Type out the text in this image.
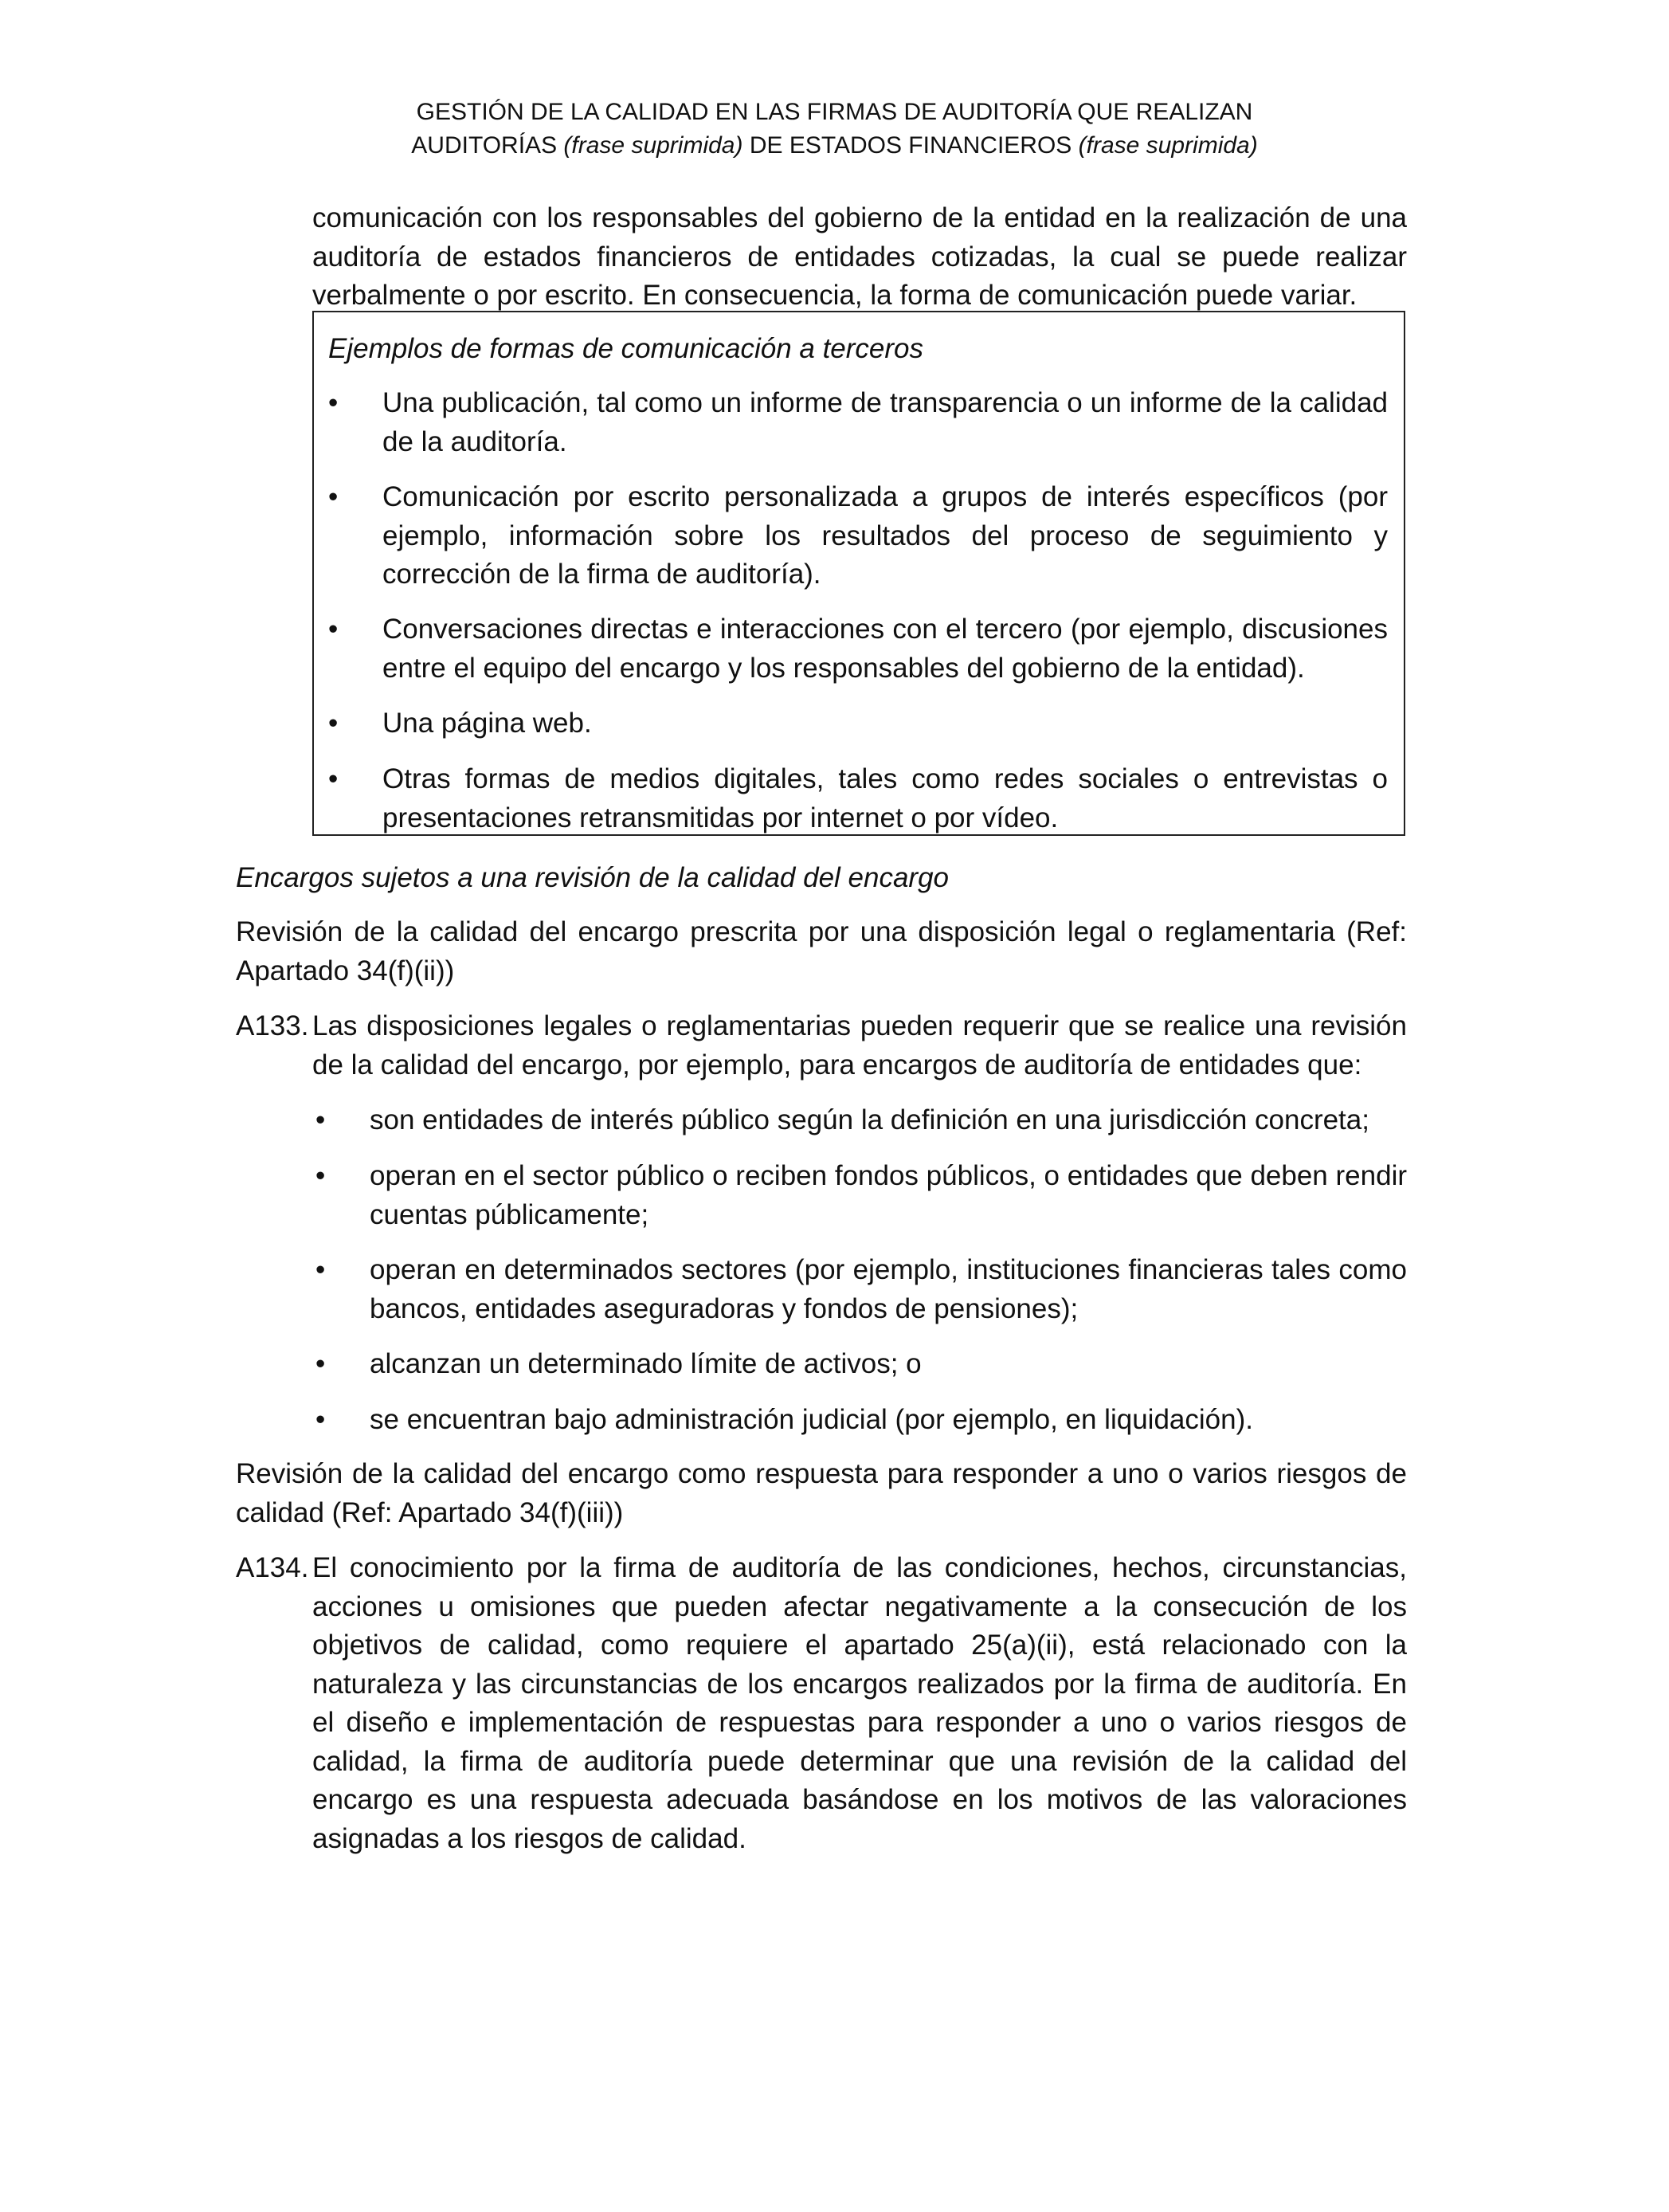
GESTIÓN DE LA CALIDAD EN LAS FIRMAS DE AUDITORÍA QUE REALIZAN
AUDITORÍAS (frase suprimida) DE ESTADOS FINANCIEROS (frase suprimida)
comunicación con los responsables del gobierno de la entidad en la realización de una auditoría de estados financieros de entidades cotizadas, la cual se puede realizar verbalmente o por escrito. En consecuencia, la forma de comunicación puede variar.
Ejemplos de formas de comunicación a terceros
•	Una publicación, tal como un informe de transparencia o un informe de la calidad de la auditoría.
•	Comunicación por escrito personalizada a grupos de interés específicos (por ejemplo, información sobre los resultados del proceso de seguimiento y corrección de la firma de auditoría).
•	Conversaciones directas e interacciones con el tercero (por ejemplo, discusiones entre el equipo del encargo y los responsables del gobierno de la entidad).
•	Una página web.
•	Otras formas de medios digitales, tales como redes sociales o entrevistas o presentaciones retransmitidas por internet o por vídeo.
Encargos sujetos a una revisión de la calidad del encargo
Revisión de la calidad del encargo prescrita por una disposición legal o reglamentaria (Ref: Apartado 34(f)(ii))
A133. Las disposiciones legales o reglamentarias pueden requerir que se realice una revisión de la calidad del encargo, por ejemplo, para encargos de auditoría de entidades que:
•	son entidades de interés público según la definición en una jurisdicción concreta;
•	operan en el sector público o reciben fondos públicos, o entidades que deben rendir cuentas públicamente;
•	operan en determinados sectores (por ejemplo, instituciones financieras tales como bancos, entidades aseguradoras y fondos de pensiones);
•	alcanzan un determinado límite de activos; o
•	se encuentran bajo administración judicial (por ejemplo, en liquidación).
Revisión de la calidad del encargo como respuesta para responder a uno o varios riesgos de calidad (Ref: Apartado 34(f)(iii))
A134. El conocimiento por la firma de auditoría de las condiciones, hechos, circunstancias, acciones u omisiones que pueden afectar negativamente a la consecución de los objetivos de calidad, como requiere el apartado 25(a)(ii), está relacionado con la naturaleza y las circunstancias de los encargos realizados por la firma de auditoría. En el diseño e implementación de respuestas para responder a uno o varios riesgos de calidad, la firma de auditoría puede determinar que una revisión de la calidad del encargo es una respuesta adecuada basándose en los motivos de las valoraciones asignadas a los riesgos de calidad.
